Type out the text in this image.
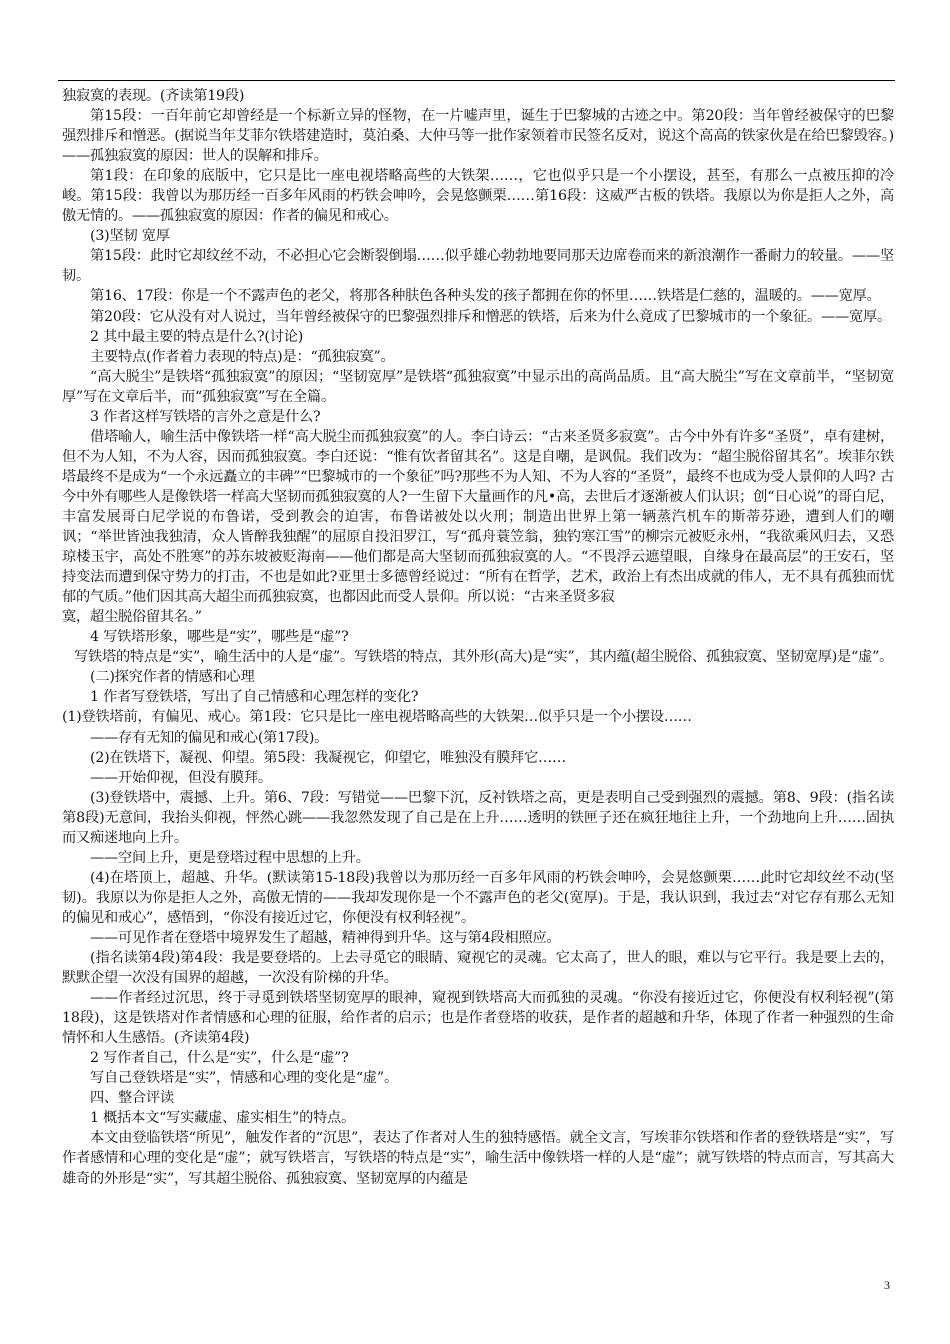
独寂寞的表现。(齐读第19段)

第15段：一百年前它却曾经是一个标新立异的怪物，在一片嘘声里，诞生于巴黎城的古迹之中。第20段：当年曾经被保守的巴黎强烈排斥和憎恶。(据说当年艾菲尔铁塔建造时，莫泊桑、大仲马等一批作家领着市民签名反对，说这个高高的铁家伙是在给巴黎毁容。)——孤独寂寞的原因：世人的误解和排斥。

第1段：在印象的底版中，它只是比一座电视塔略高些的大铁架……，它也似乎只是一个小摆设，甚至，有那么一点被压抑的冷峻。第15段：我曾以为那历经一百多年风雨的朽铁会呻吟，会晃悠颤栗……第16段：这威严古板的铁塔。我原以为你是拒人之外，高傲无情的。——孤独寂寞的原因：作者的偏见和戒心。

(3)坚韧 宽厚

第15段：此时它却纹丝不动，不必担心它会断裂倒塌……似乎雄心勃勃地要同那天边席卷而来的新浪潮作一番耐力的较量。——坚韧。

第16、17段：你是一个不露声色的老父，将那各种肤色各种头发的孩子都拥在你的怀里……铁塔是仁慈的，温暖的。——宽厚。

第20段：它从没有对人说过，当年曾经被保守的巴黎强烈排斥和憎恶的铁塔，后来为什么竟成了巴黎城市的一个象征。——宽厚。

2 其中最主要的特点是什么?(讨论)

主要特点(作者着力表现的特点)是：“孤独寂寞”。

“高大脱尘”是铁塔“孤独寂寞”的原因；“坚韧宽厚”是铁塔“孤独寂寞”中显示出的高尚品质。且“高大脱尘”写在文章前半，“坚韧宽厚”写在文章后半，而“孤独寂寞”写在全篇。

3 作者这样写铁塔的言外之意是什么?

借塔喻人，喻生活中像铁塔一样“高大脱尘而孤独寂寞”的人。李白诗云：“古来圣贤多寂寞”。古今中外有许多“圣贤”，卓有建树，但不为人知，不为人容，因而孤独寂寞。李白还说：“惟有饮者留其名”。这是自嘲，是讽侃。我们改为：“超尘脱俗留其名”。埃菲尔铁塔最终不是成为“一个永远矗立的丰碑”“巴黎城市的一个象征”吗?那些不为人知、不为人容的“圣贤”，最终不也成为受人景仰的人吗? 古今中外有哪些人是像铁塔一样高大坚韧而孤独寂寞的人?一生留下大量画作的凡•高，去世后才逐渐被人们认识；创“日心说”的哥白尼，丰富发展哥白尼学说的布鲁诺，受到教会的迫害，布鲁诺被处以火刑；制造出世界上第一辆蒸汽机车的斯蒂芬逊，遭到人们的嘲讽；“举世皆浊我独清，众人皆醉我独醒”的屈原自投汨罗江，写“孤舟蓑笠翁，独钓寒江雪”的柳宗元被贬永州，“我欲乘风归去，又恐琼楼玉宇，高处不胜寒”的苏东坡被贬海南——他们都是高大坚韧而孤独寂寞的人。“不畏浮云遮望眼，自缘身在最高层”的王安石，坚持变法而遭到保守势力的打击，不也是如此?亚里士多德曾经说过：“所有在哲学，艺术，政治上有杰出成就的伟人，无不具有孤独而忧郁的气质。”他们因其高大超尘而孤独寂寞，也都因此而受人景仰。所以说：“古来圣贤多寂

寞，超尘脱俗留其名。”

4 写铁塔形象，哪些是“实”，哪些是“虚”?

写铁塔的特点是“实”，喻生活中的人是“虚”。写铁塔的特点，其外形(高大)是“实”，其内蕴(超尘脱俗、孤独寂寞、坚韧宽厚)是“虚”。

(二)探究作者的情感和心理

1 作者写登铁塔，写出了自己情感和心理怎样的变化?

(1)登铁塔前，有偏见、戒心。第1段：它只是比一座电视塔略高些的大铁架…似乎只是一个小摆设……

——存有无知的偏见和戒心(第17段)。

(2)在铁塔下，凝视、仰望。第5段：我凝视它，仰望它，唯独没有膜拜它……

——开始仰视，但没有膜拜。

(3)登铁塔中，震撼、上升。第6、7段：写错觉——巴黎下沉，反衬铁塔之高，更是表明自己受到强烈的震撼。第8、9段：(指名读第8段)无意间，我抬头仰视，怦然心跳——我忽然发现了自己是在上升……透明的铁匣子还在疯狂地往上升，一个劲地向上升……固执而又痴迷地向上升。

——空间上升，更是登塔过程中思想的上升。

(4)在塔顶上，超越、升华。(默读第15-18段)我曾以为那历经一百多年风雨的朽铁会呻吟，会晃悠颤栗……此时它却纹丝不动(坚韧)。我原以为你是拒人之外，高傲无情的——我却发现你是一个不露声色的老父(宽厚)。于是，我认识到，我过去“对它存有那么无知的偏见和戒心”，感悟到，“你没有接近过它，你便没有权利轻视”。

——可见作者在登塔中境界发生了超越，精神得到升华。这与第4段相照应。

(指名读第4段)第4段：我是要登塔的。上去寻觅它的眼睛、窥视它的灵魂。它太高了，世人的眼，难以与它平行。我是要上去的，默默企望一次没有国界的超越，一次没有阶梯的升华。

——作者经过沉思，终于寻觅到铁塔坚韧宽厚的眼神，窥视到铁塔高大而孤独的灵魂。“你没有接近过它，你便没有权利轻视”(第18段)，这是铁塔对作者情感和心理的征服，给作者的启示；也是作者登塔的收获，是作者的超越和升华，体现了作者一种强烈的生命情怀和人生感悟。(齐读第4段)

2 写作者自己，什么是“实”，什么是“虚”?

写自己登铁塔是“实”，情感和心理的变化是“虚”。

四、整合评读

1 概括本文“写实藏虚、虚实相生”的特点。

本文由登临铁塔“所见”，触发作者的“沉思”，表达了作者对人生的独特感悟。就全文言，写埃菲尔铁塔和作者的登铁塔是“实”，写作者感情和心理的变化是“虚”；就写铁塔言，写铁塔的特点是“实”，喻生活中像铁塔一样的人是“虚”；就写铁塔的特点而言，写其高大雄奇的外形是“实”，写其超尘脱俗、孤独寂寞、坚韧宽厚的内蕴是

3
